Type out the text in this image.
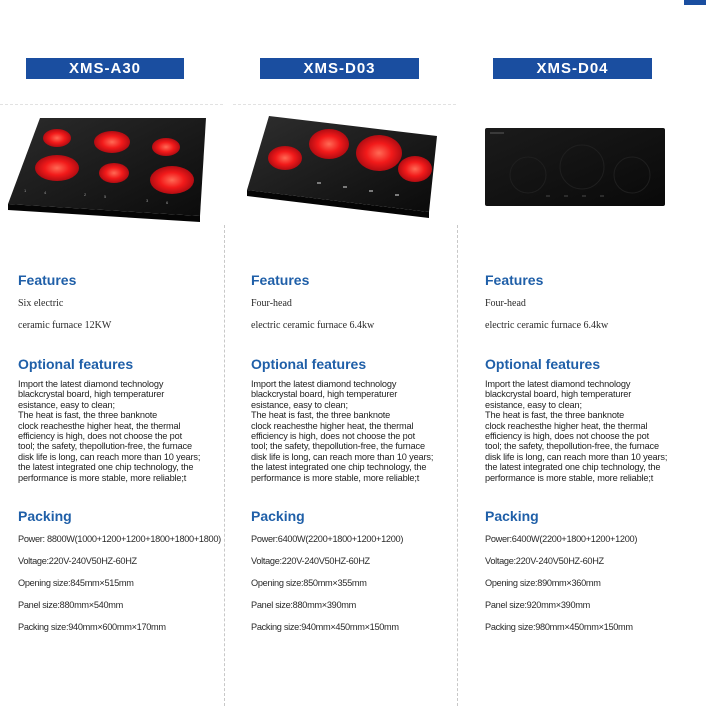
XMS-A30
1	4	2	5
3	6
Features

Six electric

ceramic furnace 12KW

Optional features

Import the latest diamond technology
blackcrystal board, high temperaturer
esistance, easy to clean;
The heat is fast, the three banknote
clock reachesthe higher heat, the thermal
efficiency is high, does not choose the pot
tool; the safety, thepollution-free, the furnace
disk life is long, can reach more than 10 years;
the latest integrated one chip technology, the
performance is more stable, more reliable;t

Packing

Power: 8800W(1000+1200+1200+1800+1800+1800)

Voltage:220V-240V50HZ-60HZ

Opening size:845mm×515mm

Panel size:880mm×540mm

Packing size:940mm×600mm×170mm

XMS-D03
Features

Four-head

electric ceramic furnace 6.4kw

Optional features

Import the latest diamond technology
blackcrystal board, high temperaturer
esistance, easy to clean;
The heat is fast, the three banknote
clock reachesthe higher heat, the thermal
efficiency is high, does not choose the pot
tool; the safety, thepollution-free, the furnace
disk life is long, can reach more than 10 years;
the latest integrated one chip technology, the
performance is more stable, more reliable;t

Packing

Power:6400W(2200+1800+1200+1200)

Voltage:220V-240V50HZ-60HZ

Opening size:850mm×355mm

Panel size:880mm×390mm

Packing size:940mm×450mm×150mm

XMS-D04
Features

Four-head

electric ceramic furnace 6.4kw

Optional features

Import the latest diamond technology
blackcrystal board, high temperaturer
esistance, easy to clean;
The heat is fast, the three banknote
clock reachesthe higher heat, the thermal
efficiency is high, does not choose the pot
tool; the safety, thepollution-free, the furnace
disk life is long, can reach more than 10 years;
the latest integrated one chip technology, the
performance is more stable, more reliable;t

Packing

Power:6400W(2200+1800+1200+1200)

Voltage:220V-240V50HZ-60HZ

Opening size:890mm×360mm

Panel size:920mm×390mm

Packing size:980mm×450mm×150mm
